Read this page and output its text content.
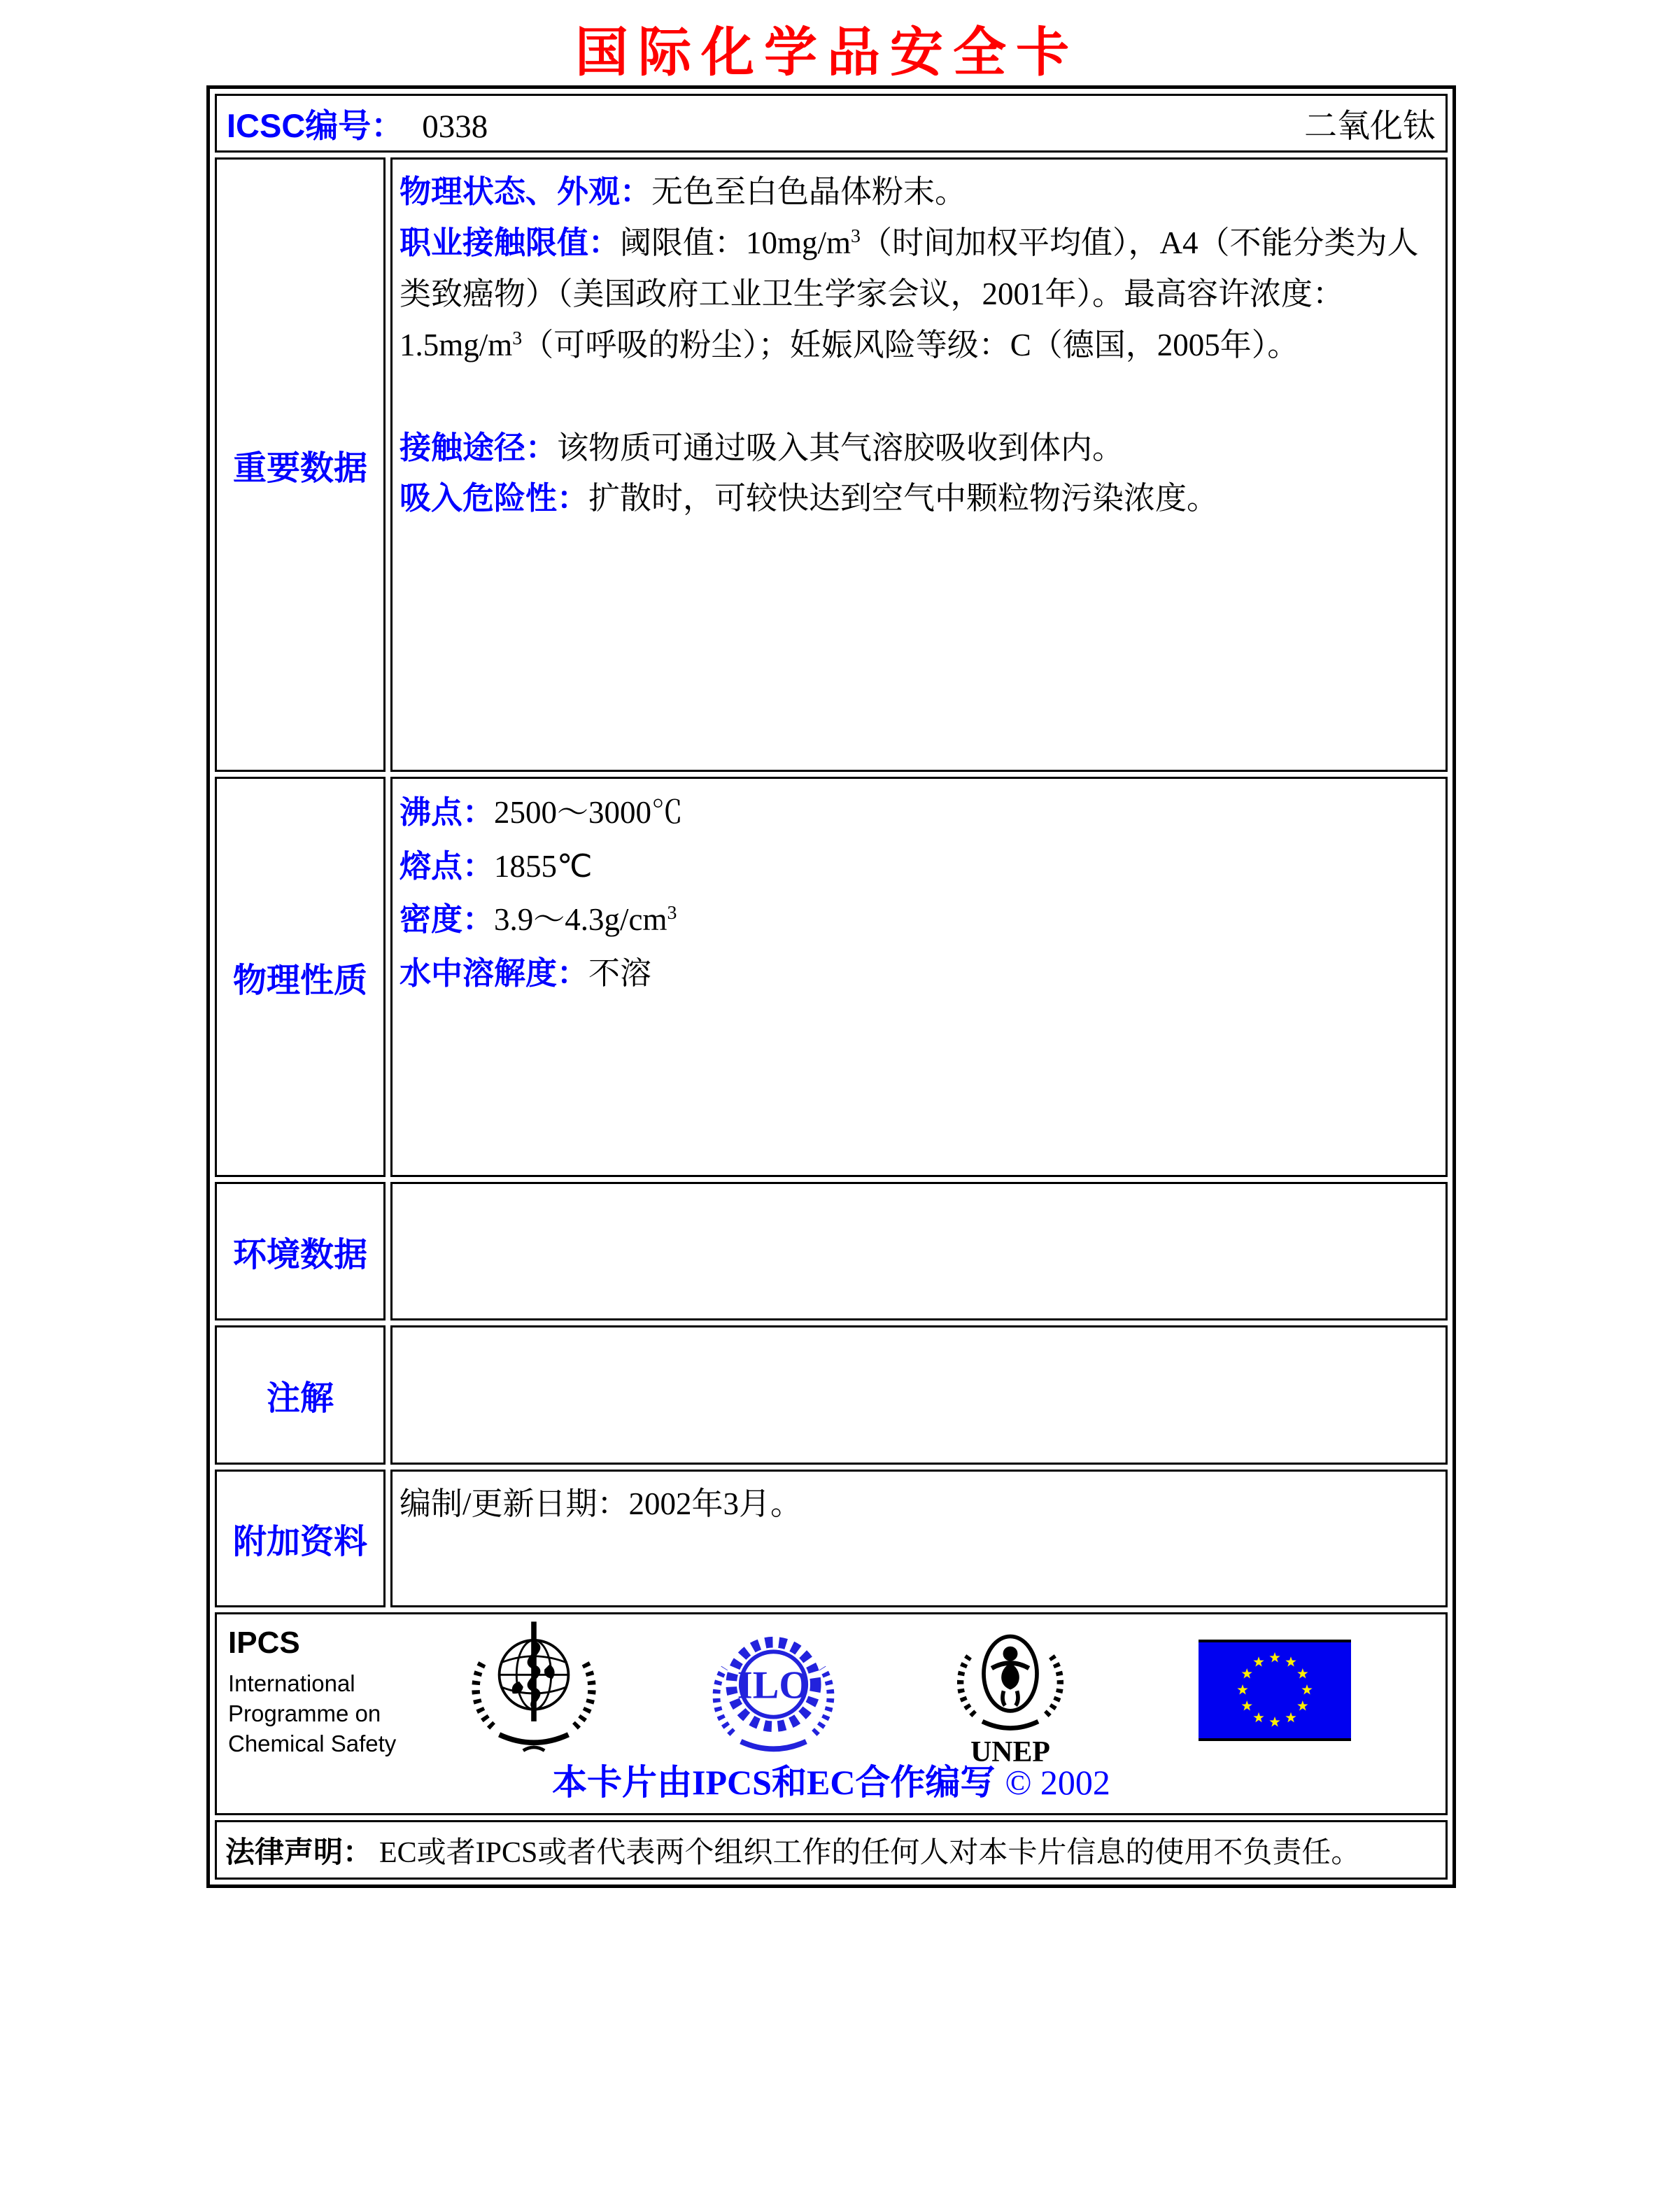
国际化学品安全卡
ICSC编号： 0338 二氧化钛	

重要数据	物理状态、外观：无色至白色晶体粉末。
职业接触限值：阈限值：$10mg/m^3$（时间加权平均值），A4（不能分类为人类致癌物）（美国政府工业卫生学家会议，2001年）。最高容许浓度：$1.5mg/m^3$（可呼吸的粉尘）；妊娠风险等级：C（德国，2005年）。
接触途径：该物质可通过吸入其气溶胶吸收到体内。
吸入危险性：扩散时，可较快达到空气中颗粒物污染浓度。

物理性质	沸点：2500～3000℃
熔点：1855℃
密度：$3.9\sim 4.3g/cm^3$
水中溶解度：不溶

环境数据	
注解	
附加资料	编制/更新日期：2002年3月。

IPCS
International
Programme on
Chemical Safety
ILO
UNEP
本卡片由IPCS和EC合作编写 © 2002

法律声明： EC或者IPCS或者代表两个组织工作的任何人对本卡片信息的使用不负责任。	
